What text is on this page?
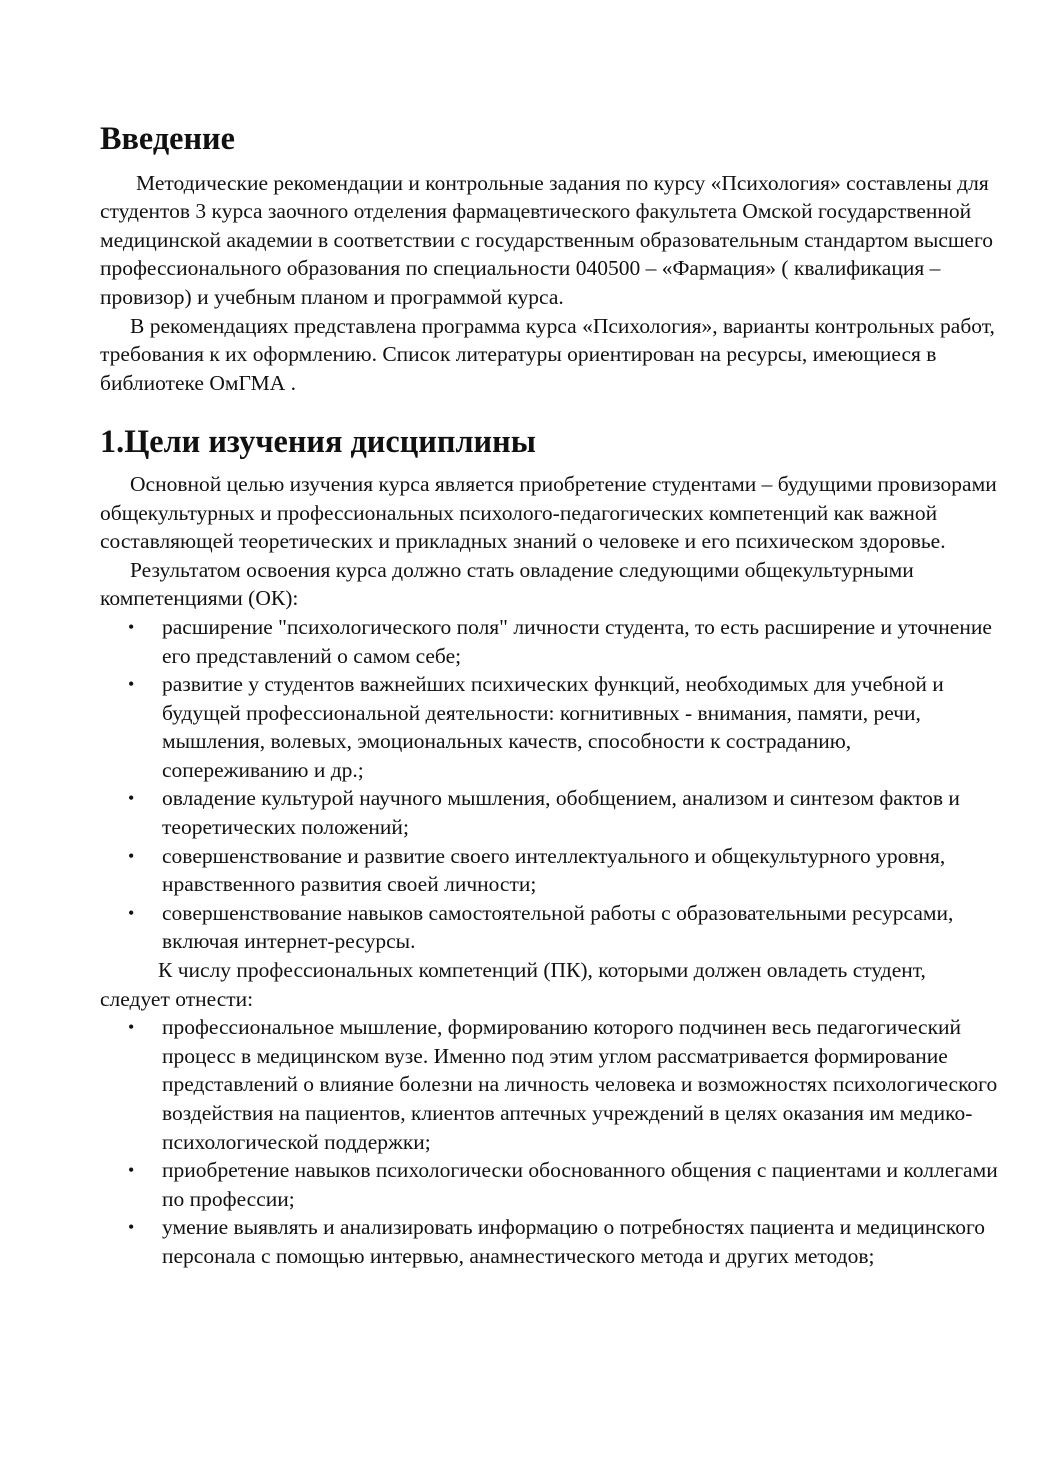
Введение

Методические рекомендации и контрольные задания по курсу «Психология» составлены для студентов 3 курса заочного отделения фармацевтического факультета Омской государственной медицинской академии в соответствии с государственным образовательным стандартом высшего профессионального образования по специальности 040500 – «Фармация» ( квалификация – провизор) и учебным планом и программой курса.

В рекомендациях представлена программа курса «Психология», варианты контрольных работ, требования к их оформлению. Список литературы ориентирован на ресурсы, имеющиеся в библиотеке ОмГМА .

1.Цели изучения дисциплины

Основной целью изучения курса является приобретение студентами – будущими провизорами общекультурных и профессиональных психолого-педагогических компетенций как важной составляющей теоретических и прикладных знаний о человеке и его психическом здоровье.

Результатом освоения курса должно стать овладение следующими общекультурными компетенциями (ОК):

• расширение "психологического поля" личности студента, то есть расширение и уточнение его представлений о самом себе;
• развитие у студентов важнейших психических функций, необходимых для учебной и будущей профессиональной деятельности: когнитивных - внимания, памяти, речи, мышления, волевых, эмоциональных качеств, способности к состраданию, сопереживанию и др.;
• овладение культурой научного мышления, обобщением, анализом и синтезом фактов и теоретических положений;
• совершенствование и развитие своего интеллектуального и общекультурного уровня, нравственного развития своей личности;
• совершенствование навыков самостоятельной работы с образовательными ресурсами, включая интернет-ресурсы.

К числу профессиональных компетенций (ПК), которыми должен овладеть студент, следует отнести:

• профессиональное мышление, формированию которого подчинен весь педагогический процесс в медицинском вузе. Именно под этим углом рассматривается формирование представлений о влияние болезни на личность человека и возможностях психологического воздействия на пациентов, клиентов аптечных учреждений в целях оказания им медико-психологической поддержки;
• приобретение навыков психологически обоснованного общения с пациентами и коллегами по профессии;
• умение выявлять и анализировать информацию о потребностях пациента и медицинского персонала с помощью интервью, анамнестического метода и других методов;
